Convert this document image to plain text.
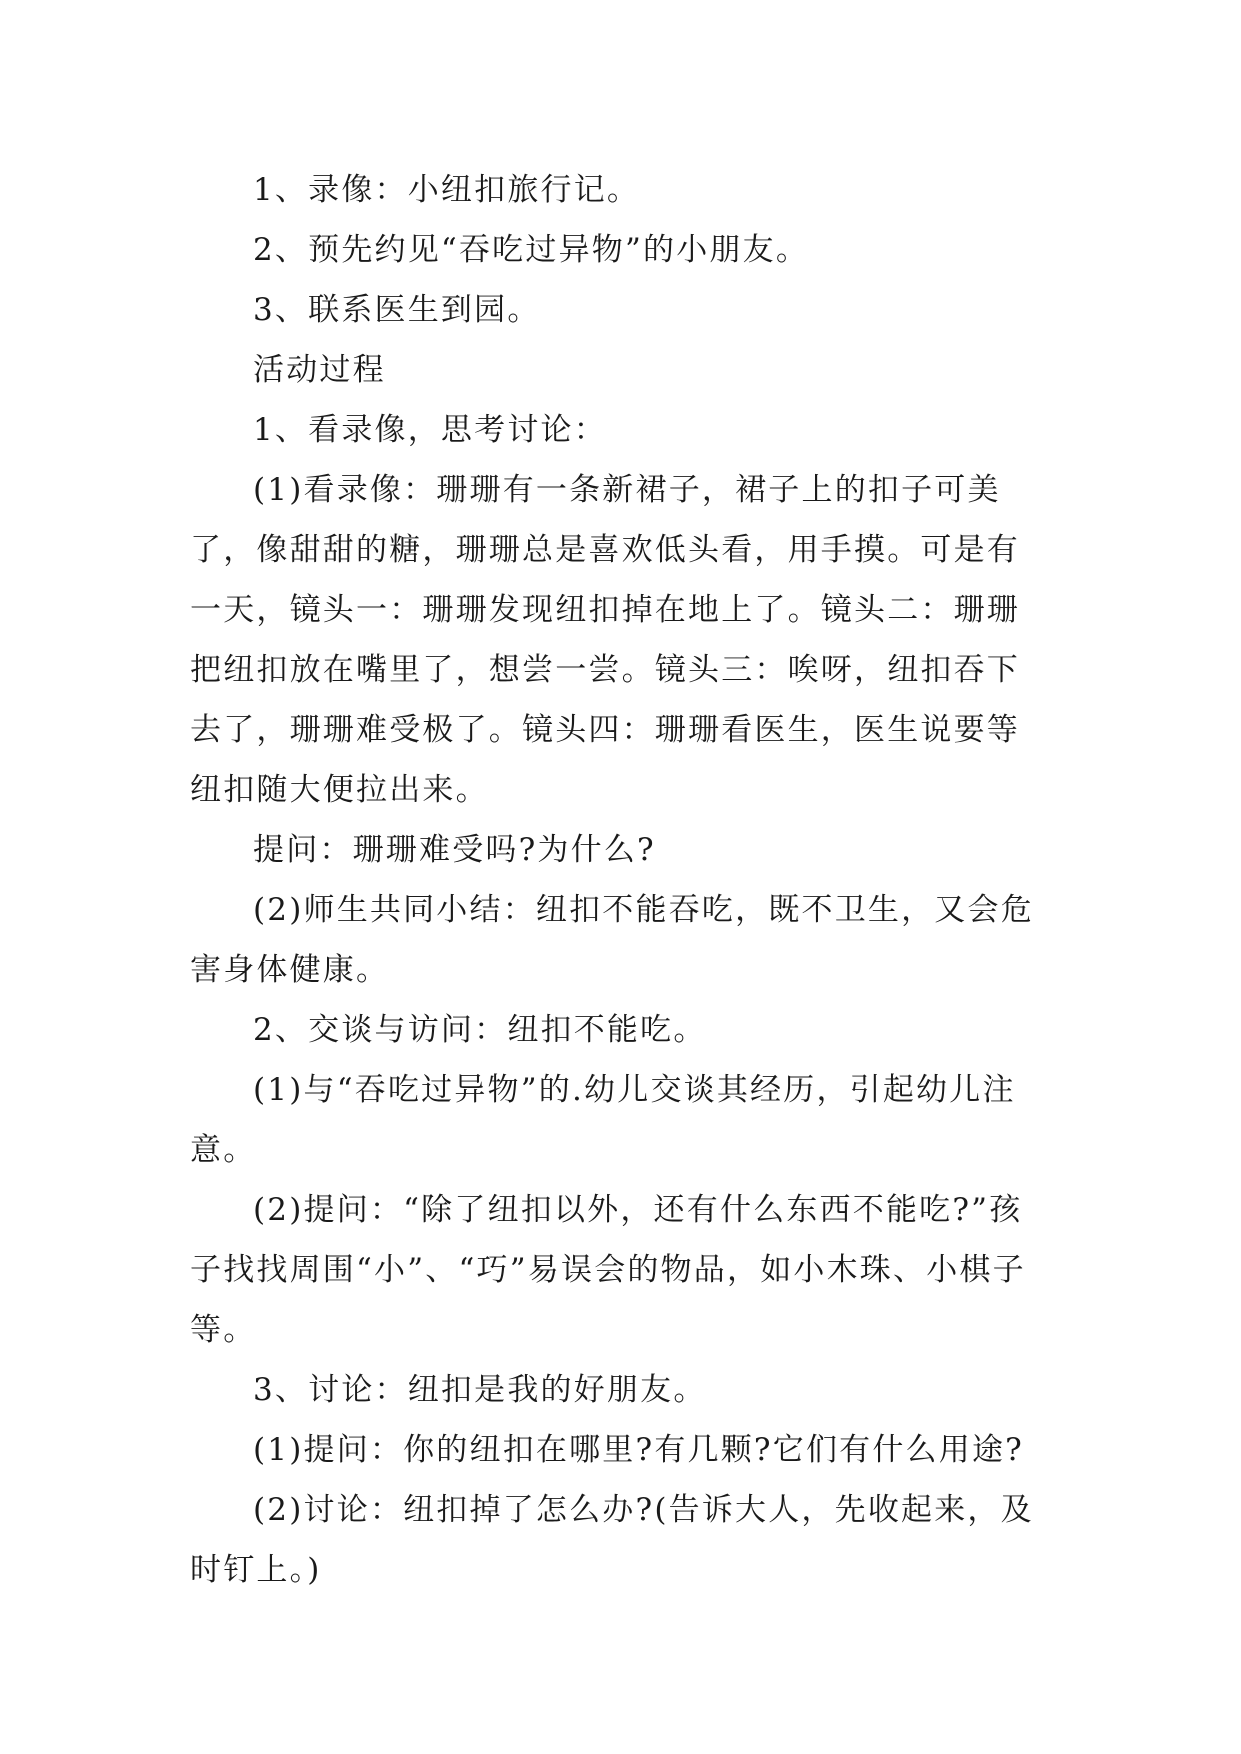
1、录像：小纽扣旅行记。

2、预先约见“吞吃过异物”的小朋友。

3、联系医生到园。

活动过程

1、看录像，思考讨论：

(1)看录像：珊珊有一条新裙子，裙子上的扣子可美了，像甜甜的糖，珊珊总是喜欢低头看，用手摸。可是有一天，镜头一：珊珊发现纽扣掉在地上了。镜头二：珊珊把纽扣放在嘴里了，想尝一尝。镜头三：唉呀，纽扣吞下去了，珊珊难受极了。镜头四：珊珊看医生，医生说要等纽扣随大便拉出来。

提问：珊珊难受吗?为什么?

(2)师生共同小结：纽扣不能吞吃，既不卫生，又会危害身体健康。

2、交谈与访问：纽扣不能吃。

(1)与“吞吃过异物”的.幼儿交谈其经历，引起幼儿注意。

(2)提问：“除了纽扣以外，还有什么东西不能吃?”孩子找找周围“小”、“巧”易误会的物品，如小木珠、小棋子等。

3、讨论：纽扣是我的好朋友。

(1)提问：你的纽扣在哪里?有几颗?它们有什么用途?

(2)讨论：纽扣掉了怎么办?(告诉大人，先收起来，及时钉上。)
